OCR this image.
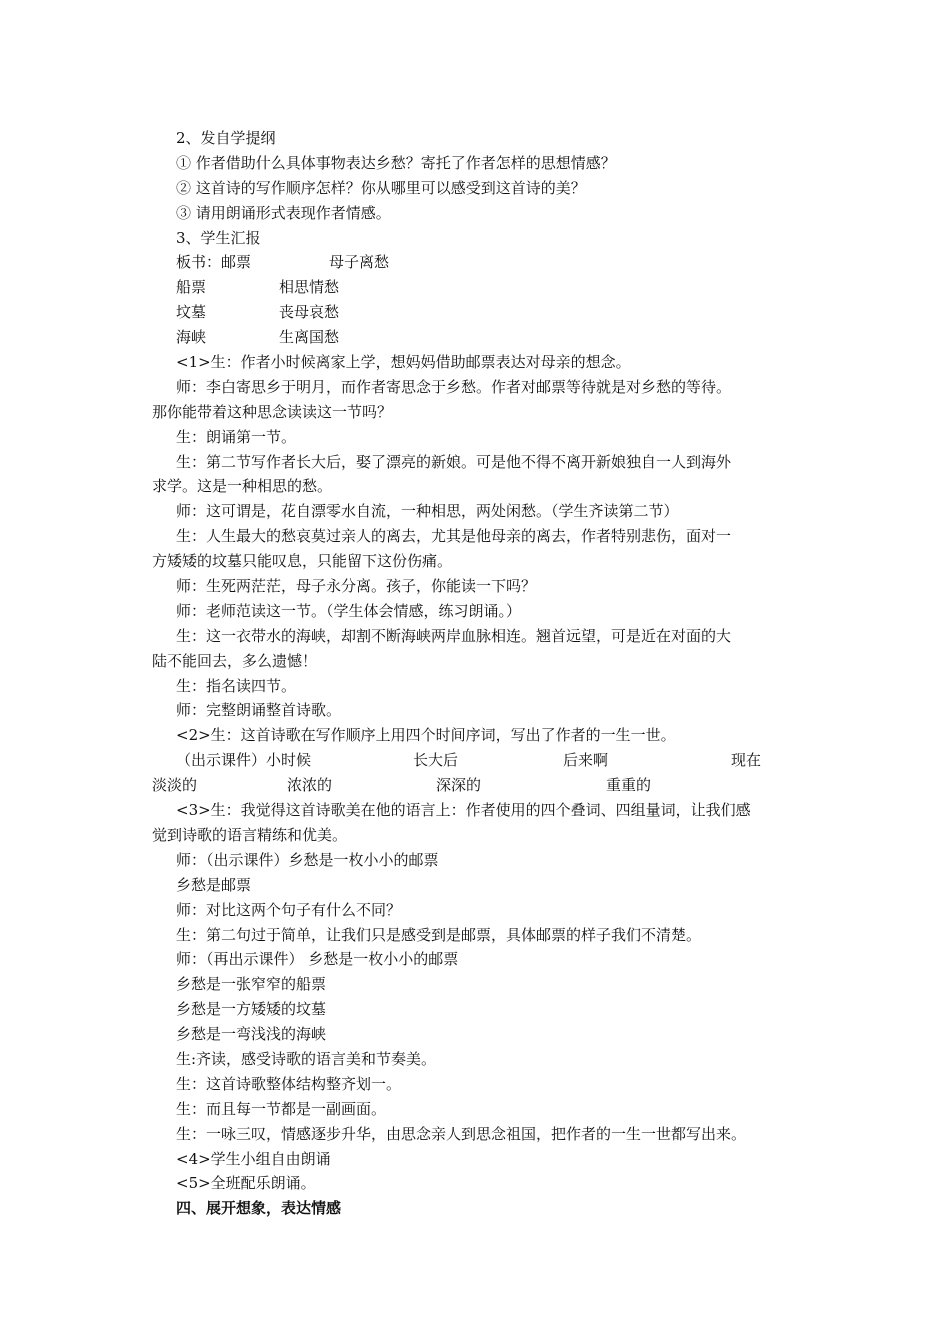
2、发自学提纲
① 作者借助什么具体事物表达乡愁？寄托了作者怎样的思想情感？
② 这首诗的写作顺序怎样？你从哪里可以感受到这首诗的美？
③ 请用朗诵形式表现作者情感。
3、学生汇报
板书：邮票	母子离愁
船票	相思情愁
坟墓	丧母哀愁
海峡	生离国愁
<1>生：作者小时候离家上学，想妈妈借助邮票表达对母亲的想念。
师：李白寄思乡于明月，而作者寄思念于乡愁。作者对邮票等待就是对乡愁的等待。
那你能带着这种思念读读这一节吗？
生：朗诵第一节。
生：第二节写作者长大后，娶了漂亮的新娘。可是他不得不离开新娘独自一人到海外
求学。这是一种相思的愁。
师：这可谓是，花自漂零水自流，一种相思，两处闲愁。（学生齐读第二节）
生：人生最大的愁哀莫过亲人的离去，尤其是他母亲的离去，作者特别悲伤，面对一
方矮矮的坟墓只能叹息，只能留下这份伤痛。
师：生死两茫茫，母子永分离。孩子，你能读一下吗？
师：老师范读这一节。（学生体会情感，练习朗诵。）
生：这一衣带水的海峡，却割不断海峡两岸血脉相连。翘首远望，可是近在对面的大
陆不能回去，多么遗憾！
生：指名读四节。
师：完整朗诵整首诗歌。
<2>生：这首诗歌在写作顺序上用四个时间序词，写出了作者的一生一世。
（出示课件）小时候	长大后	后来啊	现在
淡淡的	浓浓的	深深的	重重的
<3>生：我觉得这首诗歌美在他的语言上：作者使用的四个叠词、四组量词，让我们感
觉到诗歌的语言精练和优美。
师：（出示课件）乡愁是一枚小小的邮票
乡愁是邮票
师：对比这两个句子有什么不同？
生：第二句过于简单，让我们只是感受到是邮票，具体邮票的样子我们不清楚。
师：（再出示课件） 乡愁是一枚小小的邮票
乡愁是一张窄窄的船票
乡愁是一方矮矮的坟墓
乡愁是一弯浅浅的海峡
生:齐读，感受诗歌的语言美和节奏美。
生：这首诗歌整体结构整齐划一。
生：而且每一节都是一副画面。
生：一咏三叹，情感逐步升华，由思念亲人到思念祖国，把作者的一生一世都写出来。
<4>学生小组自由朗诵
<5>全班配乐朗诵。
四、展开想象，表达情感
